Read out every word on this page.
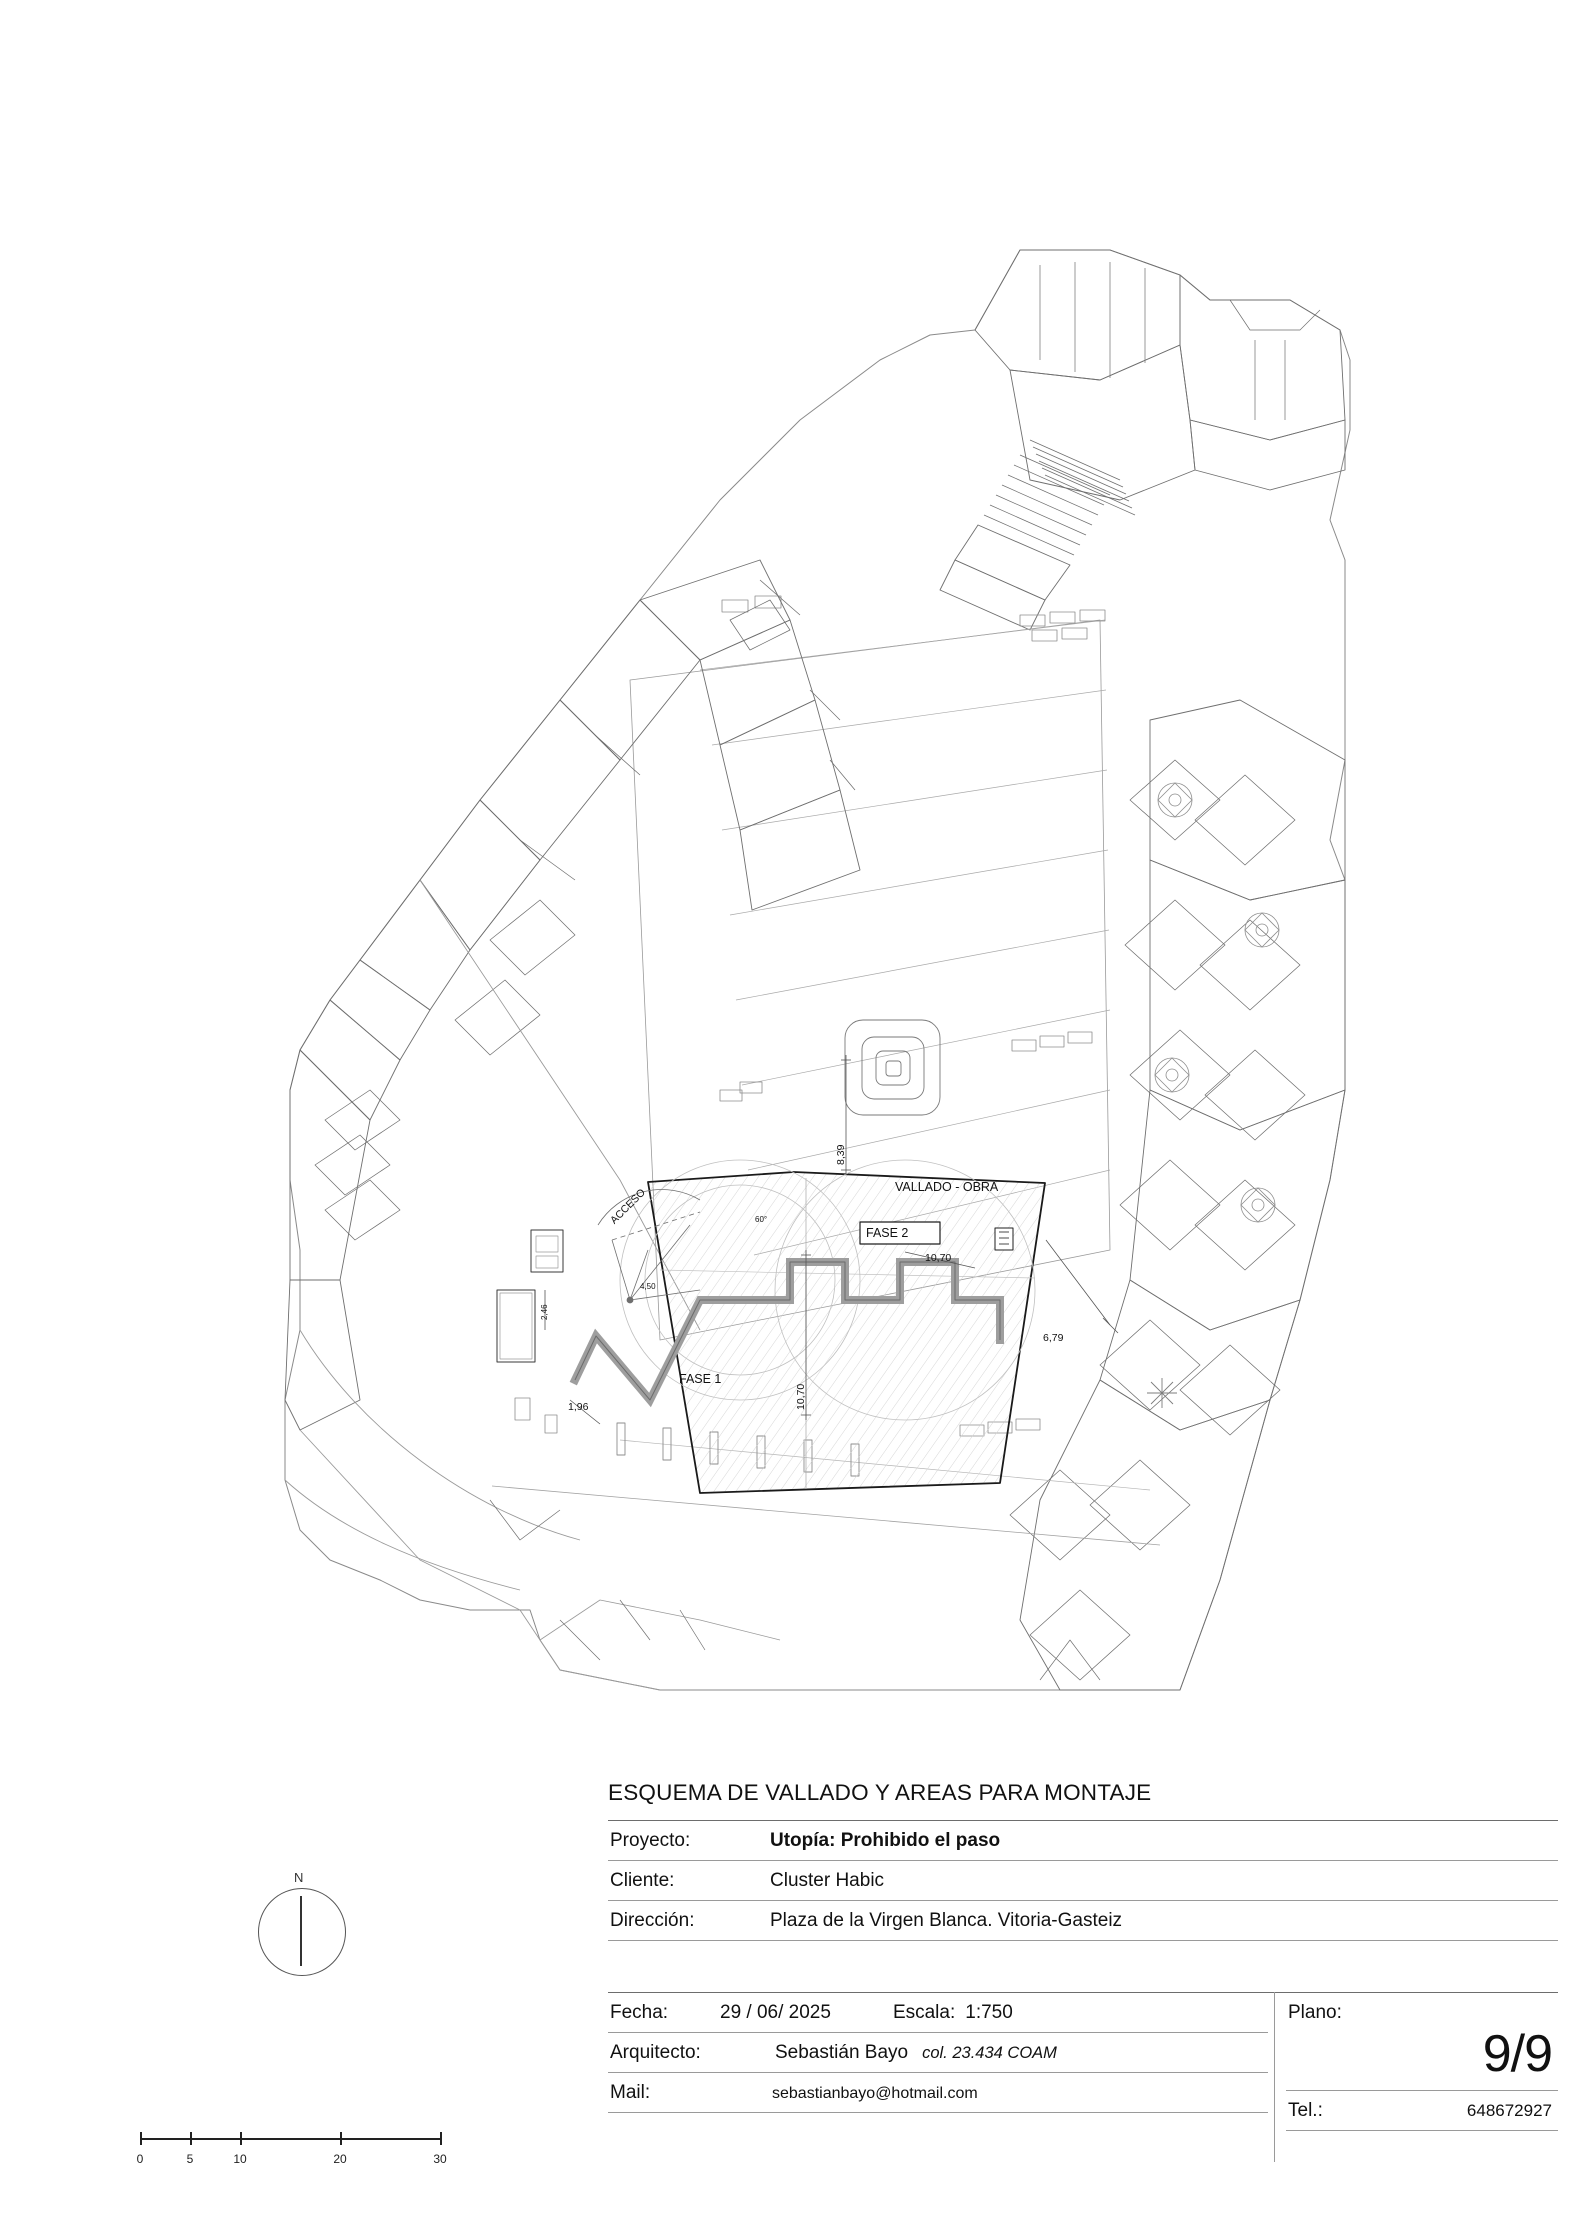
VALLADO - OBRA
FASE 1
FASE 2
ACCESO
8,39
10,70
10,70
6,79
1,96
2,46
4,50
60°
N
0	5	10	20	30
ESQUEMA DE VALLADO Y AREAS PARA MONTAJE
Proyecto:	Utopía: Prohibido el paso
Cliente:	Cluster Habic
Dirección:	Plaza de la Virgen Blanca. Vitoria-Gasteiz
Fecha:	29 / 06/ 2025	Escala: 1:750
Arquitecto:	Sebastián Bayo col. 23.434 COAM
Mail:	sebastianbayo@hotmail.com
Plano:
9/9
Tel.:	648672927
